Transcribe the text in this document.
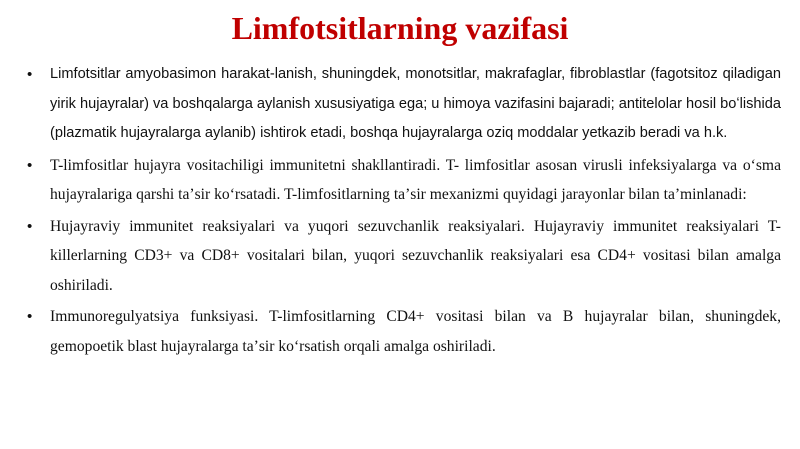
Limfotsitlarning vazifasi
• Limfotsitlar amyobasimon harakat-lanish, shuningdek, monotsitlar, makrafaglar, fibroblastlar (fagotsitoz qiladigan yirik hujayralar) va boshqalarga aylanish xususiyatiga ega; u himoya vazifasini bajaradi; antitelolar hosil boʻlishida (plazmatik hujayralarga aylanib) ishtirok etadi, boshqa hujayralarga oziq moddalar yetkazib beradi va h.k.
• T-limfositlar hujayra vositachiligi immunitetni shakllantiradi. T- limfositlar asosan virusli infeksiyalarga va oʻsma hujayralariga qarshi taʼsir koʻrsatadi. T-limfositlarning taʼsir mexanizmi quyidagi jarayonlar bilan taʼminlanadi:
• Hujayraviy immunitet reaksiyalari va yuqori sezuvchanlik reaksiyalari. Hujayraviy immunitet reaksiyalari T-killerlarning CD3+ va CD8+ vositalari bilan, yuqori sezuvchanlik reaksiyalari esa CD4+ vositasi bilan amalga oshiriladi.
• Immunoregulyatsiya funksiyasi. T-limfositlarning CD4+ vositasi bilan va B hujayralar bilan, shuningdek, gemopoetik blast hujayralarga taʼsir koʻrsatish orqali amalga oshiriladi.
